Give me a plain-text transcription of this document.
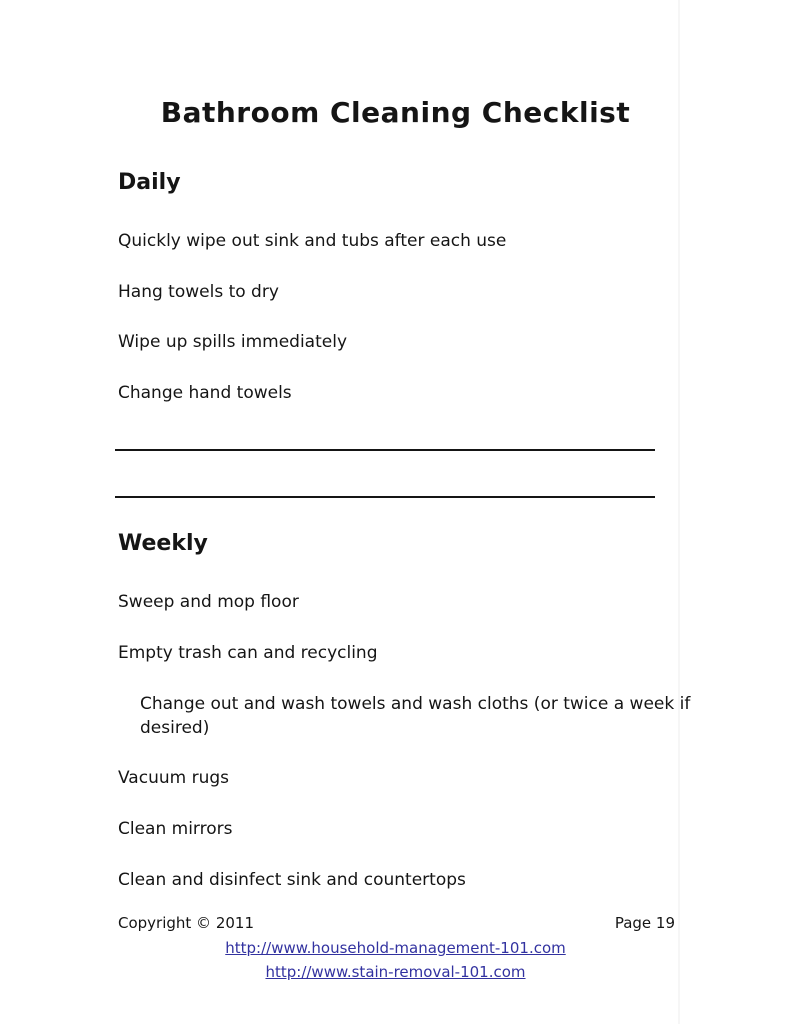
Bathroom Cleaning Checklist
Daily
Quickly wipe out sink and tubs after each use
Hang towels to dry
Wipe up spills immediately
Change hand towels
Weekly
Sweep and mop floor
Empty trash can and recycling
Change out and wash towels and wash cloths (or twice a week if desired)
Vacuum rugs
Clean mirrors
Clean and disinfect sink and countertops
Copyright © 2011	Page 19
http://www.household-management-101.com
http://www.stain-removal-101.com
